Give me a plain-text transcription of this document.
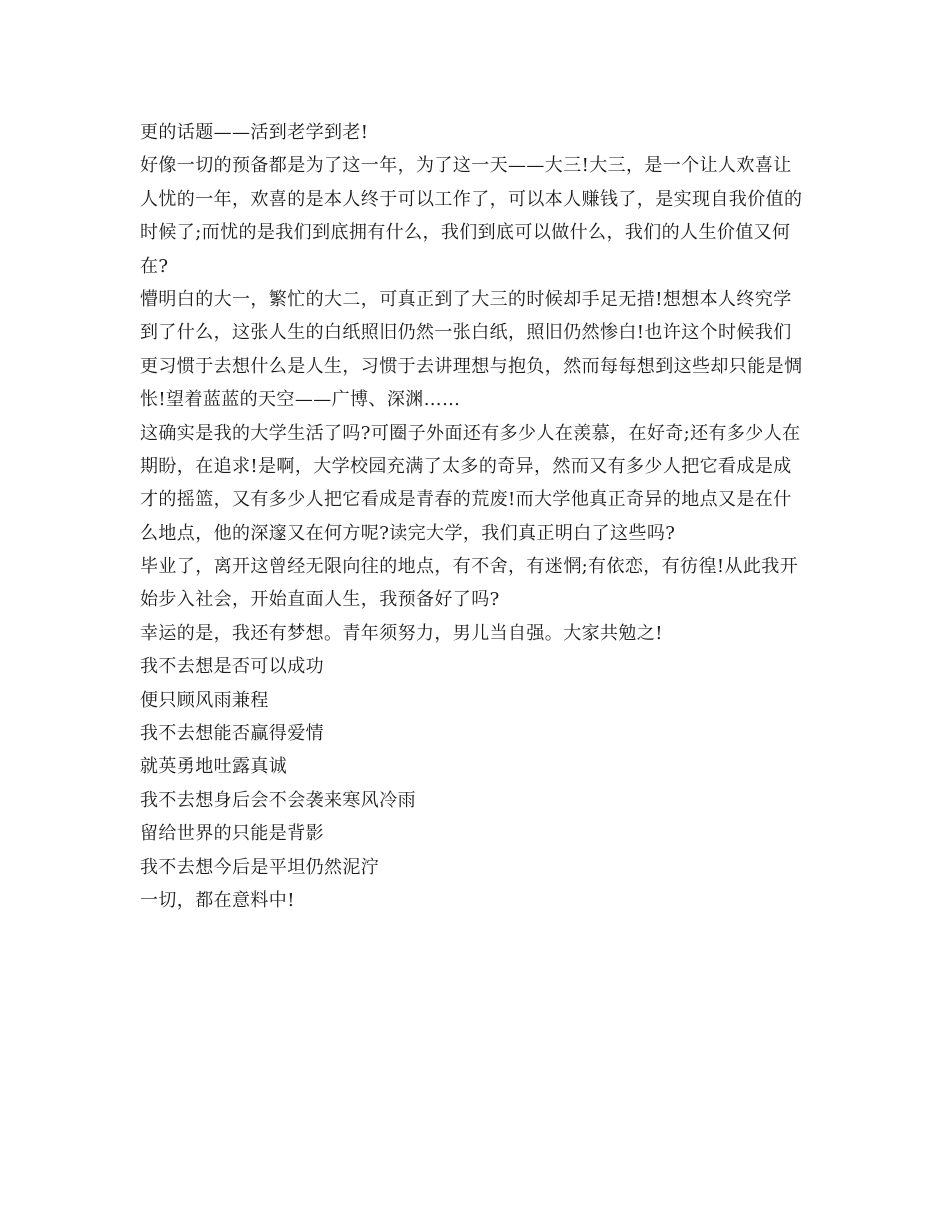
更的话题——活到老学到老!
好像一切的预备都是为了这一年，为了这一天——大三!大三，是一个让人欢喜让
人忧的一年，欢喜的是本人终于可以工作了，可以本人赚钱了，是实现自我价值的
时候了;而忧的是我们到底拥有什么，我们到底可以做什么，我们的人生价值又何
在?
懵明白的大一，繁忙的大二，可真正到了大三的时候却手足无措!想想本人终究学
到了什么，这张人生的白纸照旧仍然一张白纸，照旧仍然惨白!也许这个时候我们
更习惯于去想什么是人生，习惯于去讲理想与抱负，然而每每想到这些却只能是惆
怅!望着蓝蓝的天空——广博、深渊……
这确实是我的大学生活了吗?可圈子外面还有多少人在羡慕，在好奇;还有多少人在
期盼，在追求!是啊，大学校园充满了太多的奇异，然而又有多少人把它看成是成
才的摇篮，又有多少人把它看成是青春的荒废!而大学他真正奇异的地点又是在什
么地点，他的深邃又在何方呢?读完大学，我们真正明白了这些吗?
毕业了，离开这曾经无限向往的地点，有不舍，有迷惘;有依恋，有彷徨!从此我开
始步入社会，开始直面人生，我预备好了吗?
幸运的是，我还有梦想。青年须努力，男儿当自强。大家共勉之!
我不去想是否可以成功
便只顾风雨兼程
我不去想能否赢得爱情
就英勇地吐露真诚
我不去想身后会不会袭来寒风冷雨
留给世界的只能是背影
我不去想今后是平坦仍然泥泞
一切，都在意料中!
